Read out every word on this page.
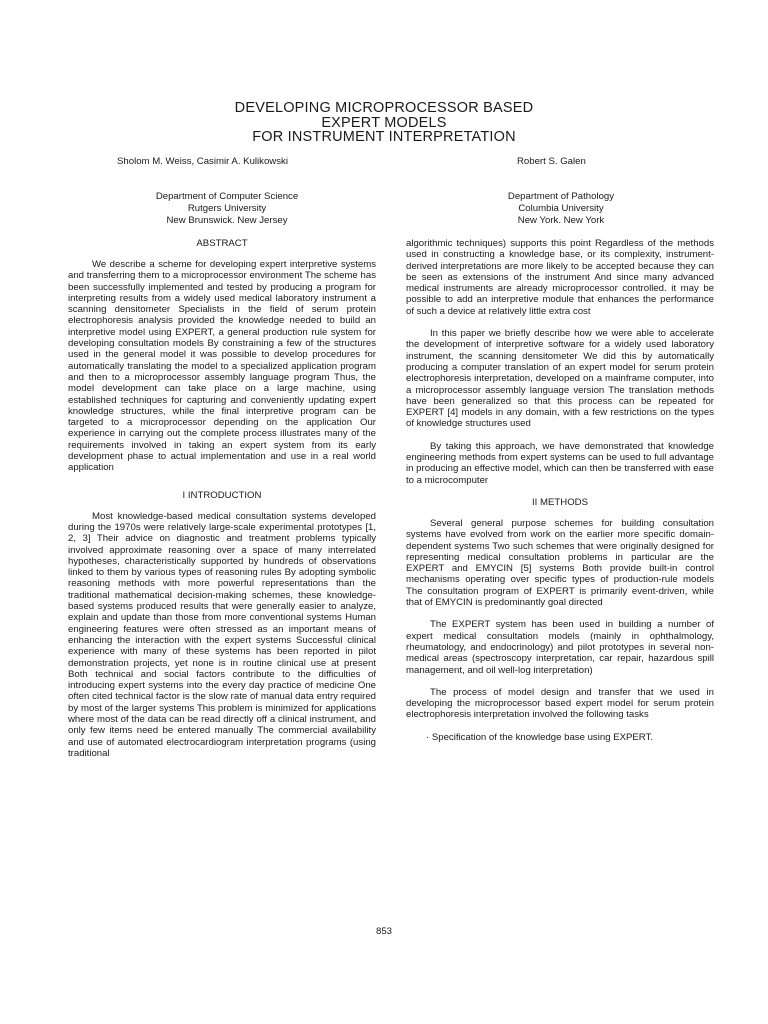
DEVELOPING MICROPROCESSOR BASED
EXPERT MODELS
FOR INSTRUMENT INTERPRETATION
Sholom M. Weiss, Casimir A. Kulikowski	Robert S. Galen
Department of Computer Science
Rutgers University
New Brunswick. New Jersey
Department of Pathology
Columbia University
New York. New York
ABSTRACT

We describe a scheme for developing expert interpretive systems and transferring them to a microprocessor environment The scheme has been successfully implemented and tested by producing a program for interpreting results from a widely used medical laboratory instrument a scanning densitometer Specialists in the field of serum protein electrophoresis analysis provided the knowledge needed to build an interpretive model using EXPERT, a general production rule system for developing consultation models By constraining a few of the structures used in the general model it was possible to develop procedures for automatically translating the model to a specialized application program and then to a microprocessor assembly language program Thus, the model development can take place on a large machine, using established techniques for capturing and conveniently updating expert knowledge structures, while the final interpretive program can be targeted to a microprocessor depending on the application Our experience in carrying out the complete process illustrates many of the requirements involved in taking an expert system from its early development phase to actual implementation and use in a real world application

I INTRODUCTION

Most knowledge-based medical consultation systems developed during the 1970s were relatively large-scale experimental prototypes [1, 2, 3] Their advice on diagnostic and treatment problems typically involved approximate reasoning over a space of many interrelated hypotheses, characteristically supported by hundreds of observations linked to them by various types of reasoning rules By adopting symbolic reasoning methods with more powerful representations than the traditional mathematical decision-making schemes, these knowledge-based systems produced results that were generally easier to analyze, explain and update than those from more conventional systems Human engineering features were often stressed as an important means of enhancing the interaction with the expert systems Successful clinical experience with many of these systems has been reported in pilot demonstration projects, yet none is in routine clinical use at present Both technical and social factors contribute to the difficulties of introducing expert systems into the every day practice of medicine One often cited technical factor is the slow rate of manual data entry required by most of the larger systems This problem is minimized for applications where most of the data can be read directly off a clinical instrument, and only few items need be entered manually The commercial availability and use of automated electrocardiogram interpretation programs (using traditional

algorithmic techniques) supports this point Regardless of the methods used in constructing a knowledge base, or its complexity, instrument-derived interpretations are more likely to be accepted because they can be seen as extensions of the instrument And since many advanced medical instruments are already microprocessor controlled. it may be possible to add an interpretive module that enhances the performance of such a device at relatively little extra cost

In this paper we briefly describe how we were able to accelerate the development of interpretive software for a widely used laboratory instrument, the scanning densitometer We did this by automatically producing a computer translation of an expert model for serum protein electrophoresis interpretation, developed on a mainframe computer, into a microprocessor assembly language version The translation methods have been generalized so that this process can be repeated for EXPERT [4] models in any domain, with a few restrictions on the types of knowledge structures used

By taking this approach, we have demonstrated that knowledge engineering methods from expert systems can be used to full advantage in producing an effective model, which can then be transferred with ease to a microcomputer

II METHODS

Several general purpose schemes for building consultation systems have evolved from work on the earlier more specific domain-dependent systems Two such schemes that were originally designed for representing medical consultation problems in particular are the EXPERT and EMYCIN [5] systems Both provide built-in control mechanisms operating over specific types of production-rule models The consultation program of EXPERT is primarily event-driven, while that of EMYCIN is predominantly goal directed

The EXPERT system has been used in building a number of expert medical consultation models (mainly in ophthalmology, rheumatology, and endocrinology) and pilot prototypes in several non-medical areas (spectroscopy interpretation, car repair, hazardous spill management, and oil well-log interpretation)

The process of model design and transfer that we used in developing the microprocessor based expert model for serum protein electrophoresis interpretation involved the following tasks

· Specification of the knowledge base using EXPERT.
853
